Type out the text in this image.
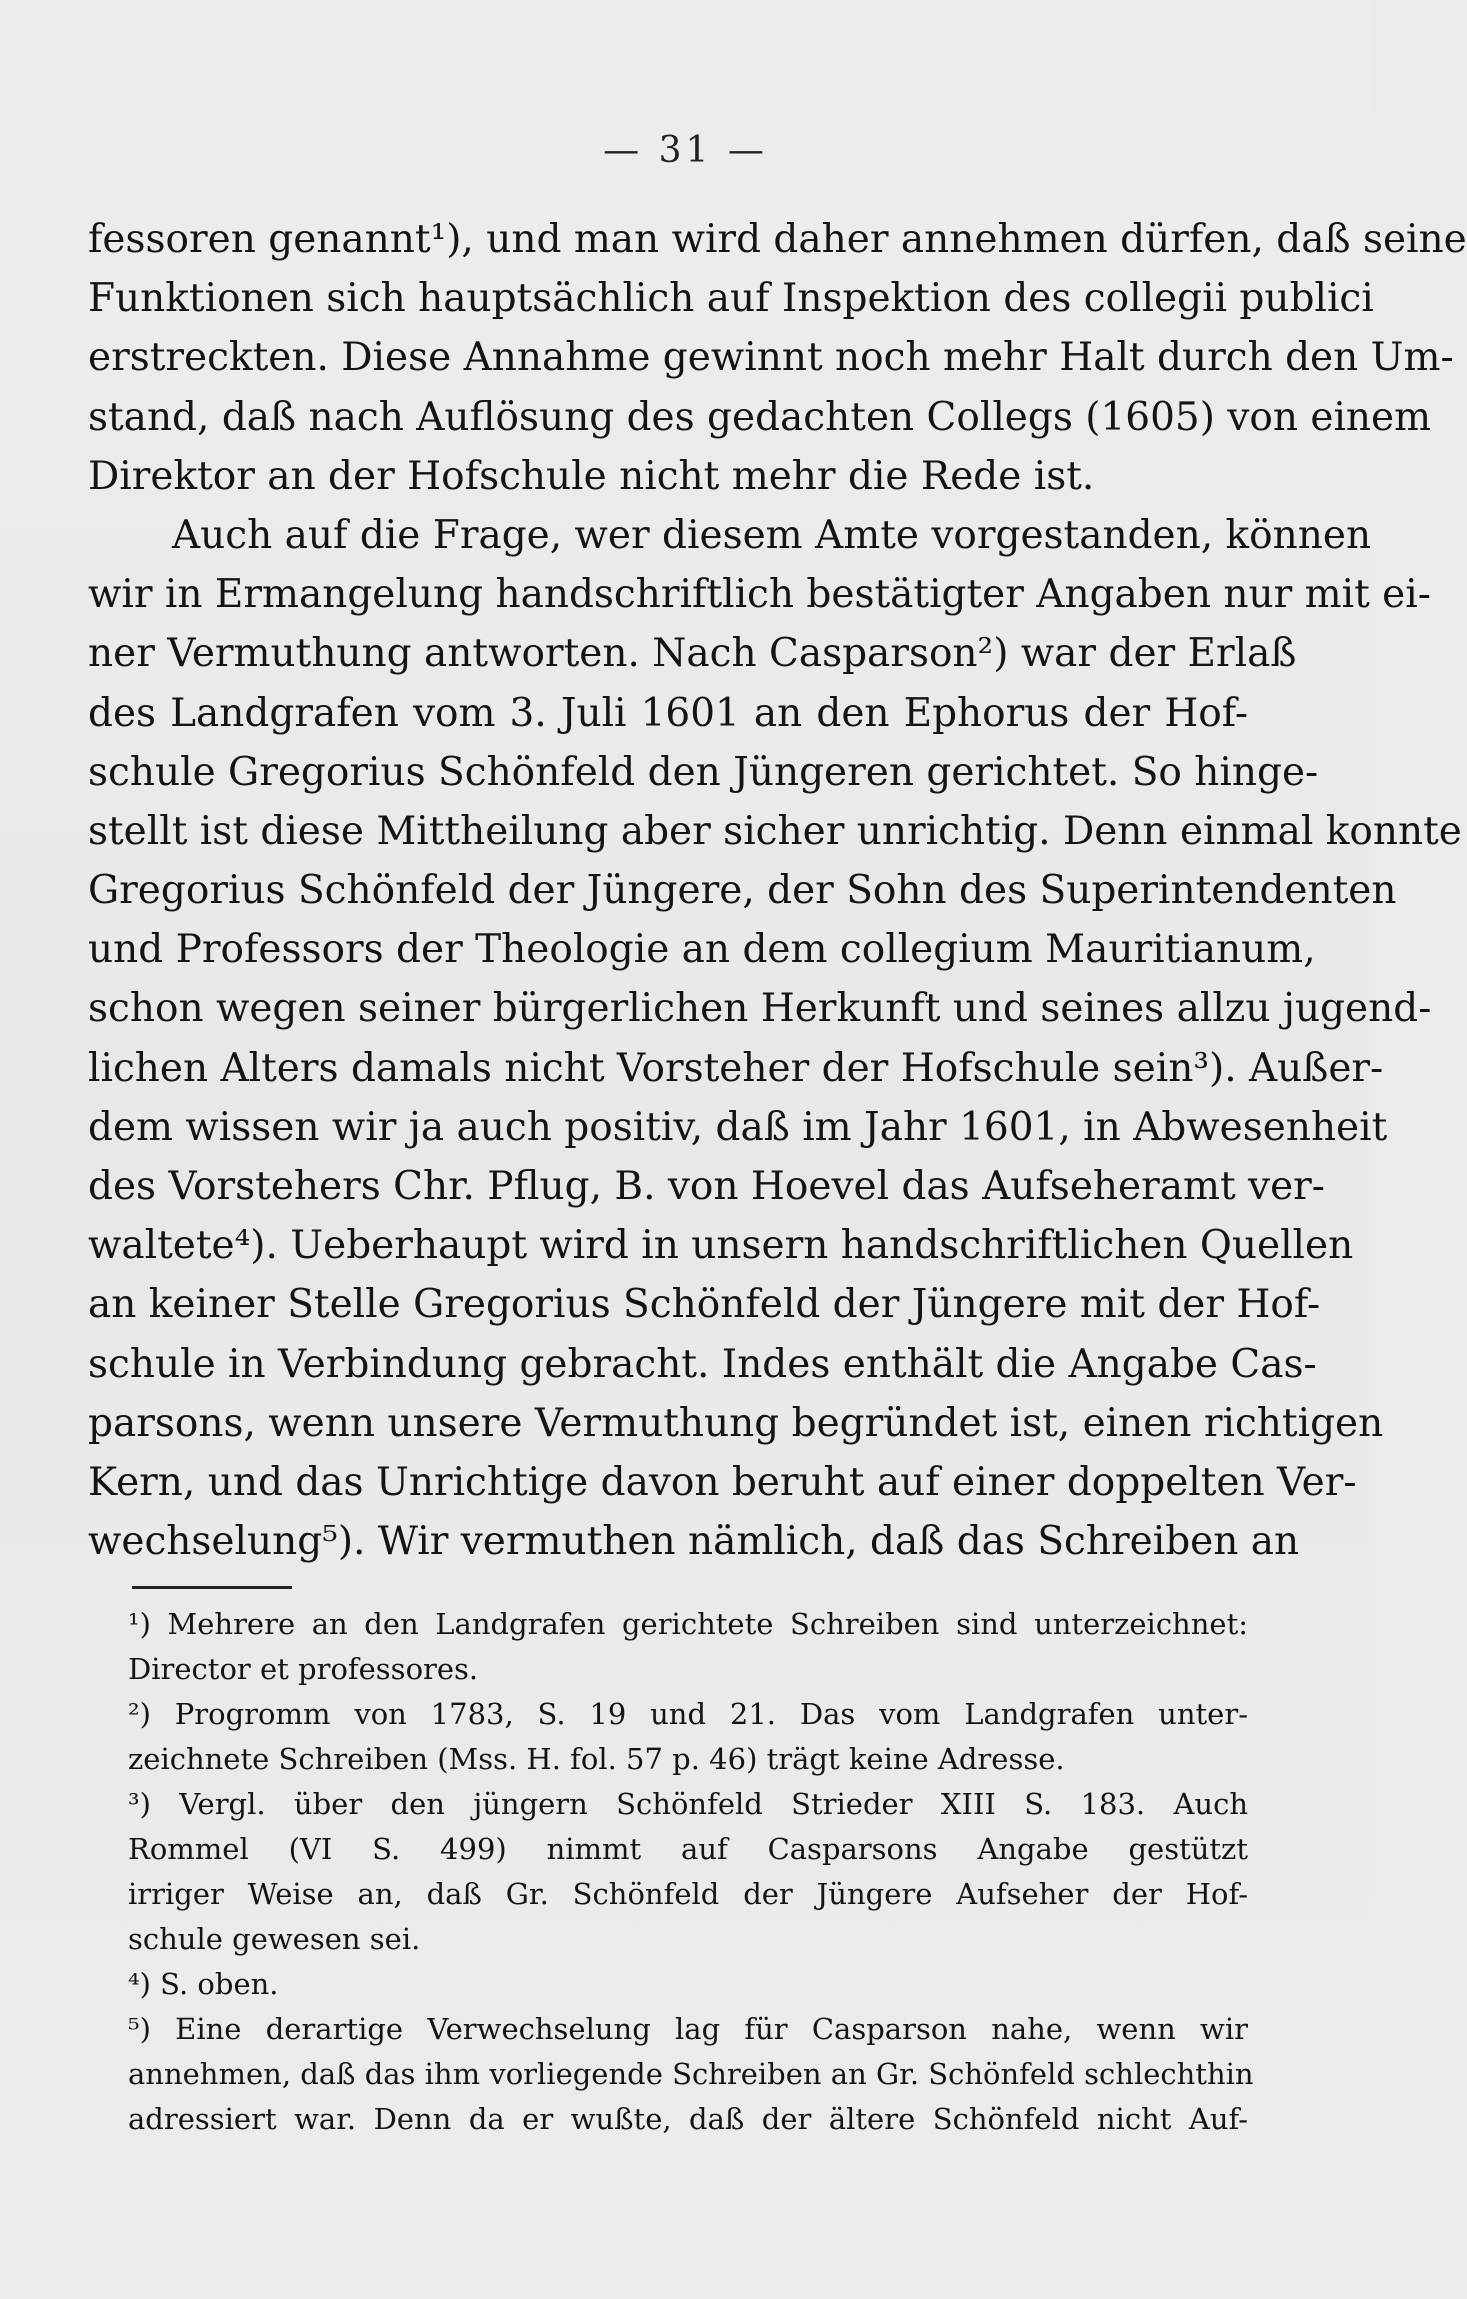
— 31 —
fessoren genannt¹), und man wird daher annehmen dürfen, daß seine
Funktionen sich hauptsächlich auf Inspektion des collegii publici
erstreckten. Diese Annahme gewinnt noch mehr Halt durch den Um-
stand, daß nach Auflösung des gedachten Collegs (1605) von einem
Direktor an der Hofschule nicht mehr die Rede ist.
Auch auf die Frage, wer diesem Amte vorgestanden, können
wir in Ermangelung handschriftlich bestätigter Angaben nur mit ei-
ner Vermuthung antworten. Nach Casparson²) war der Erlaß
des Landgrafen vom 3. Juli 1601 an den Ephorus der Hof-
schule Gregorius Schönfeld den Jüngeren gerichtet. So hinge-
stellt ist diese Mittheilung aber sicher unrichtig. Denn einmal konnte
Gregorius Schönfeld der Jüngere, der Sohn des Superintendenten
und Professors der Theologie an dem collegium Mauritianum,
schon wegen seiner bürgerlichen Herkunft und seines allzu jugend-
lichen Alters damals nicht Vorsteher der Hofschule sein³). Außer-
dem wissen wir ja auch positiv, daß im Jahr 1601, in Abwesenheit
des Vorstehers Chr. Pflug, B. von Hoevel das Aufseheramt ver-
waltete⁴). Ueberhaupt wird in unsern handschriftlichen Quellen
an keiner Stelle Gregorius Schönfeld der Jüngere mit der Hof-
schule in Verbindung gebracht. Indes enthält die Angabe Cas-
parsons, wenn unsere Vermuthung begründet ist, einen richtigen
Kern, und das Unrichtige davon beruht auf einer doppelten Ver-
wechselung⁵). Wir vermuthen nämlich, daß das Schreiben an
¹) Mehrere an den Landgrafen gerichtete Schreiben sind unterzeichnet:
Director et professores.
²) Progromm von 1783, S. 19 und 21. Das vom Landgrafen unter-
zeichnete Schreiben (Mss. H. fol. 57 p. 46) trägt keine Adresse.
³) Vergl. über den jüngern Schönfeld Strieder XIII S. 183. Auch
Rommel (VI S. 499) nimmt auf Casparsons Angabe gestützt
irriger Weise an, daß Gr. Schönfeld der Jüngere Aufseher der Hof-
schule gewesen sei.
⁴) S. oben.
⁵) Eine derartige Verwechselung lag für Casparson nahe, wenn wir
annehmen, daß das ihm vorliegende Schreiben an Gr. Schönfeld schlechthin
adressiert war. Denn da er wußte, daß der ältere Schönfeld nicht Auf-
